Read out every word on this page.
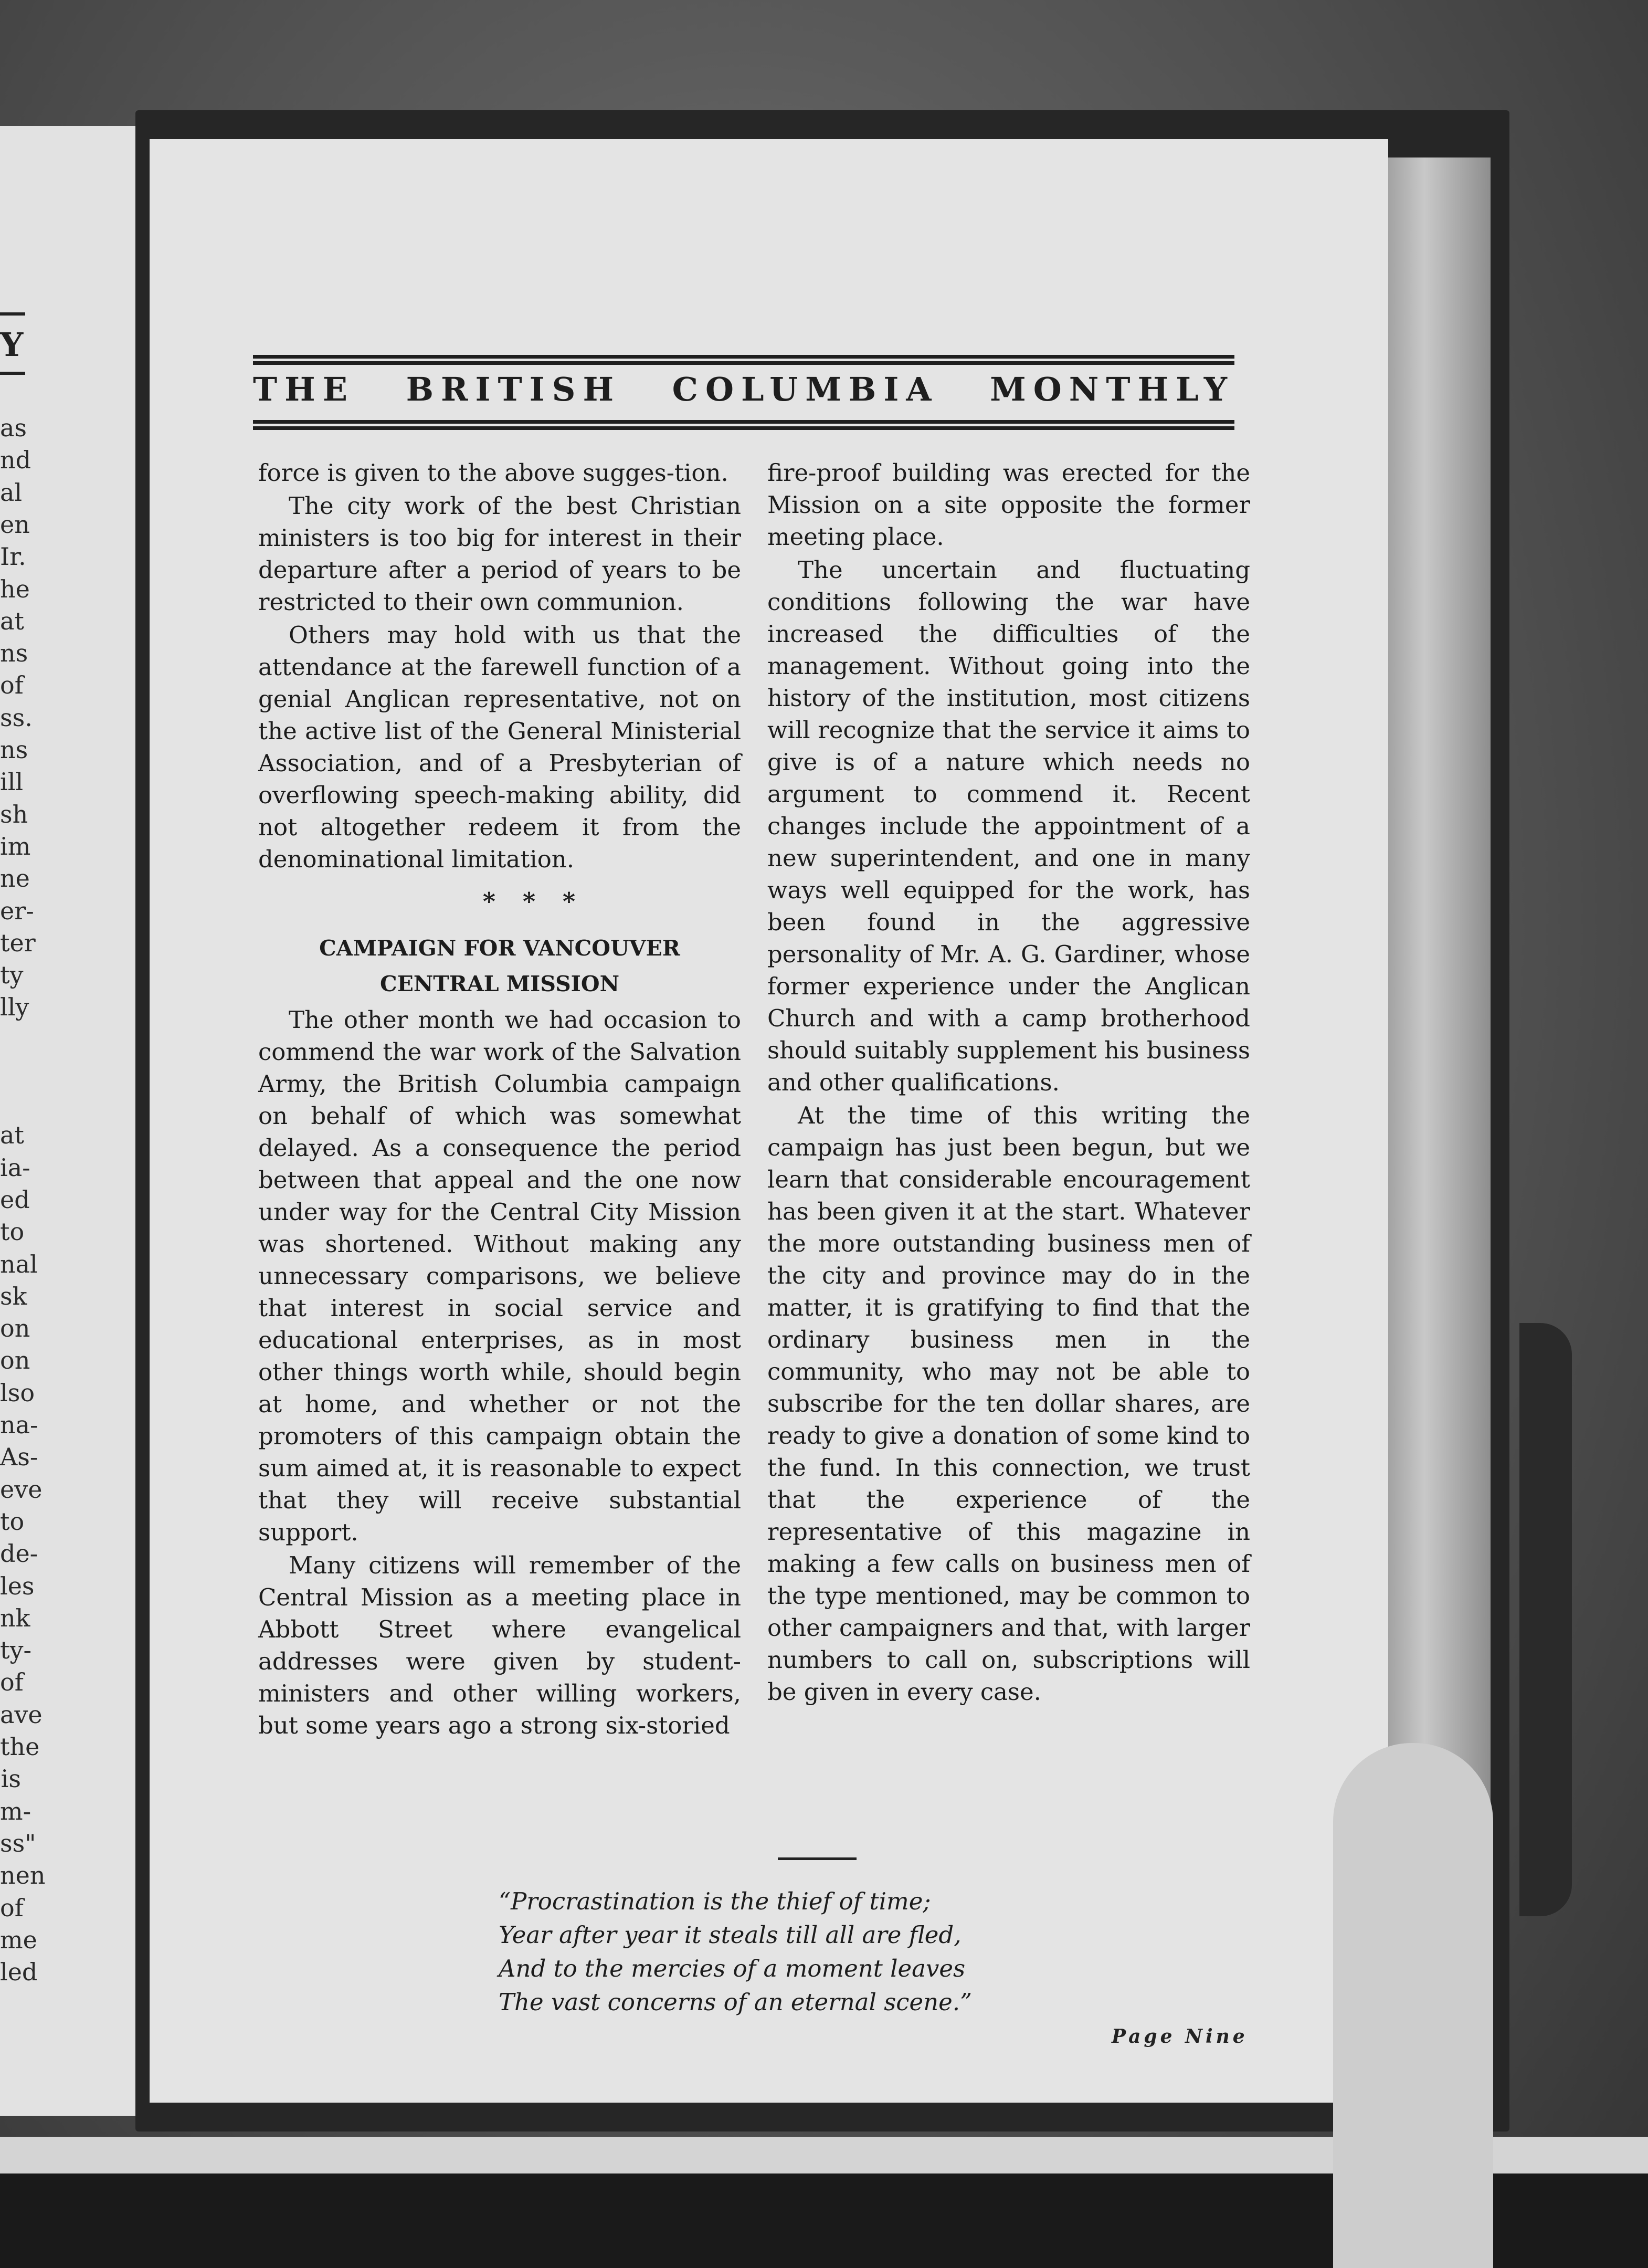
Y
as
nd
al
en
Ir.
he
at
ns
of
ss.
ns
ill
sh
im
ne
er-
ter
ty
lly
at
ia-
ed
to
nal
sk
on
on
lso
na-
As-
eve
to
de-
les
nk
ty-
of
ave
the
is
m-
ss"
nen
of
me
led
THE BRITISH COLUMBIA MONTHLY

force is given to the above sugges-tion.

The city work of the best Christian ministers is too big for interest in their departure after a period of years to be restricted to their own communion.

Others may hold with us that the attendance at the farewell function of a genial Anglican representative, not on the active list of the General Ministerial Association, and of a Presbyterian of overflowing speech-making ability, did not altogether redeem it from the denominational limitation.

* * *
CAMPAIGN FOR VANCOUVER
CENTRAL MISSION

The other month we had occasion to commend the war work of the Salvation Army, the British Columbia campaign on behalf of which was somewhat delayed. As a consequence the period between that appeal and the one now under way for the Central City Mission was shortened. Without making any unnecessary comparisons, we believe that interest in social service and educational enterprises, as in most other things worth while, should begin at home, and whether or not the promoters of this campaign obtain the sum aimed at, it is reasonable to expect that they will receive substantial support.

Many citizens will remember of the Central Mission as a meeting place in Abbott Street where evangelical addresses were given by student-ministers and other willing workers, but some years ago a strong six-storied

fire-proof building was erected for the Mission on a site opposite the former meeting place.

The uncertain and fluctuating conditions following the war have increased the difficulties of the management. Without going into the history of the institution, most citizens will recognize that the service it aims to give is of a nature which needs no argument to commend it. Recent changes include the appointment of a new superintendent, and one in many ways well equipped for the work, has been found in the aggressive personality of Mr. A. G. Gardiner, whose former experience under the Anglican Church and with a camp brotherhood should suitably supplement his business and other qualifications.

At the time of this writing the campaign has just been begun, but we learn that considerable encouragement has been given it at the start. Whatever the more outstanding business men of the city and province may do in the matter, it is gratifying to find that the ordinary business men in the community, who may not be able to subscribe for the ten dollar shares, are ready to give a donation of some kind to the fund. In this connection, we trust that the experience of the representative of this magazine in making a few calls on business men of the type mentioned, may be common to other campaigners and that, with larger numbers to call on, subscriptions will be given in every case.

“Procrastination is the thief of time;
Year after year it steals till all are fled,
And to the mercies of a moment leaves
The vast concerns of an eternal scene.”
Page Nine
